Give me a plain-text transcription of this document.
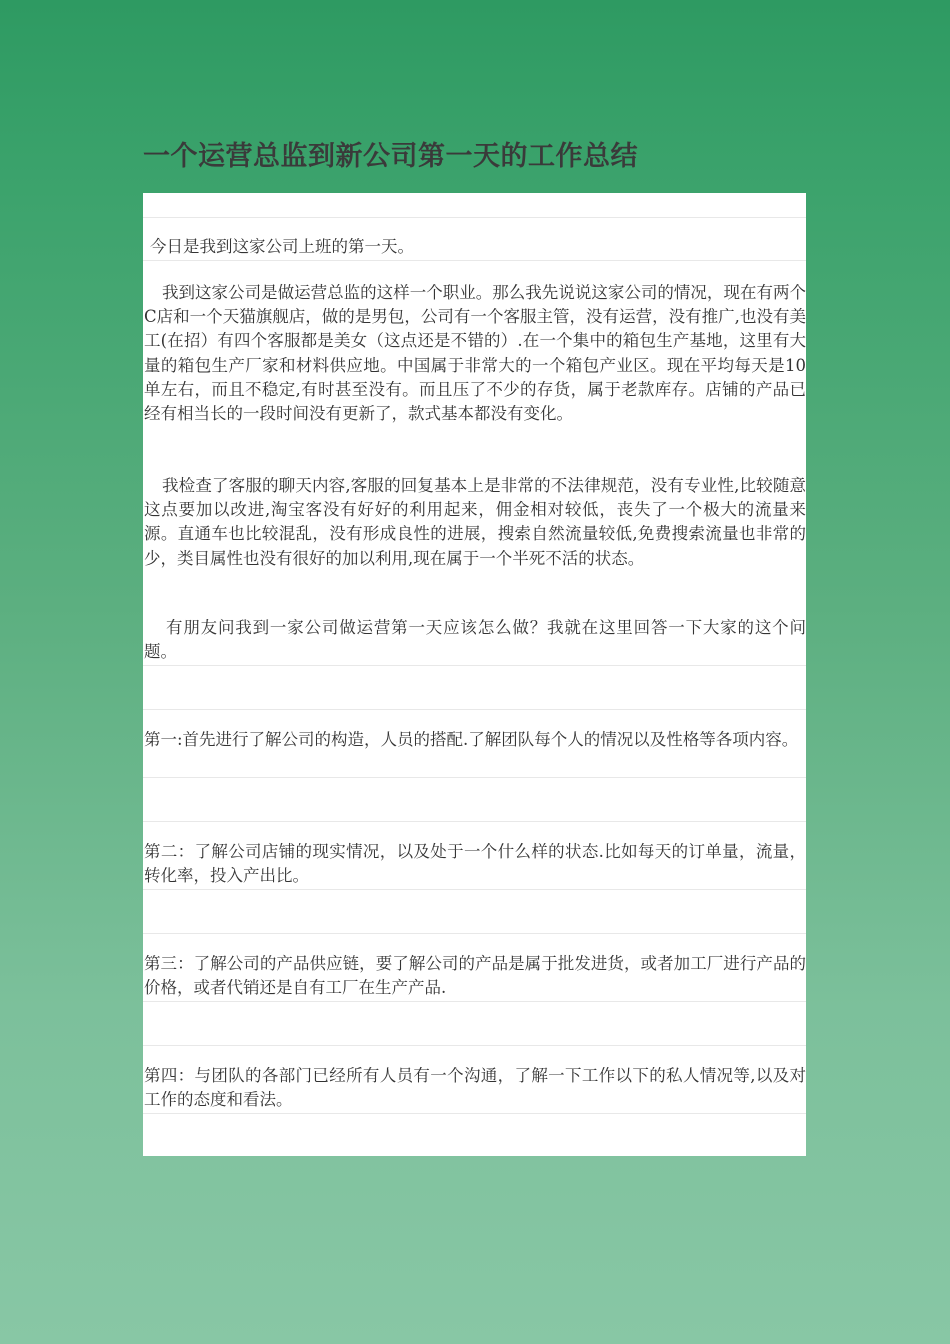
一个运营总监到新公司第一天的工作总结

今日是我到这家公司上班的第一天。

我到这家公司是做运营总监的这样一个职业。那么我先说说这家公司的情况，现在有两个C店和一个天猫旗舰店，做的是男包，公司有一个客服主管，没有运营，没有推广,也没有美工(在招）有四个客服都是美女（这点还是不错的）.在一个集中的箱包生产基地，这里有大量的箱包生产厂家和材料供应地。中国属于非常大的一个箱包产业区。现在平均每天是10单左右，而且不稳定,有时甚至没有。而且压了不少的存货，属于老款库存。店铺的产品已经有相当长的一段时间没有更新了，款式基本都没有变化。

我检查了客服的聊天内容,客服的回复基本上是非常的不法律规范，没有专业性,比较随意这点要加以改进,淘宝客没有好好的利用起来，佣金相对较低，丧失了一个极大的流量来源。直通车也比较混乱，没有形成良性的进展，搜索自然流量较低,免费搜索流量也非常的少，类目属性也没有很好的加以利用,现在属于一个半死不活的状态。

有朋友问我到一家公司做运营第一天应该怎么做？我就在这里回答一下大家的这个问题。

第一:首先进行了解公司的构造，人员的搭配.了解团队每个人的情况以及性格等各项内容。

第二：了解公司店铺的现实情况，以及处于一个什么样的状态.比如每天的订单量，流量，转化率，投入产出比。

第三：了解公司的产品供应链，要了解公司的产品是属于批发进货，或者加工厂进行产品的价格，或者代销还是自有工厂在生产产品.

第四：与团队的各部门已经所有人员有一个沟通，了解一下工作以下的私人情况等,以及对工作的态度和看法。
